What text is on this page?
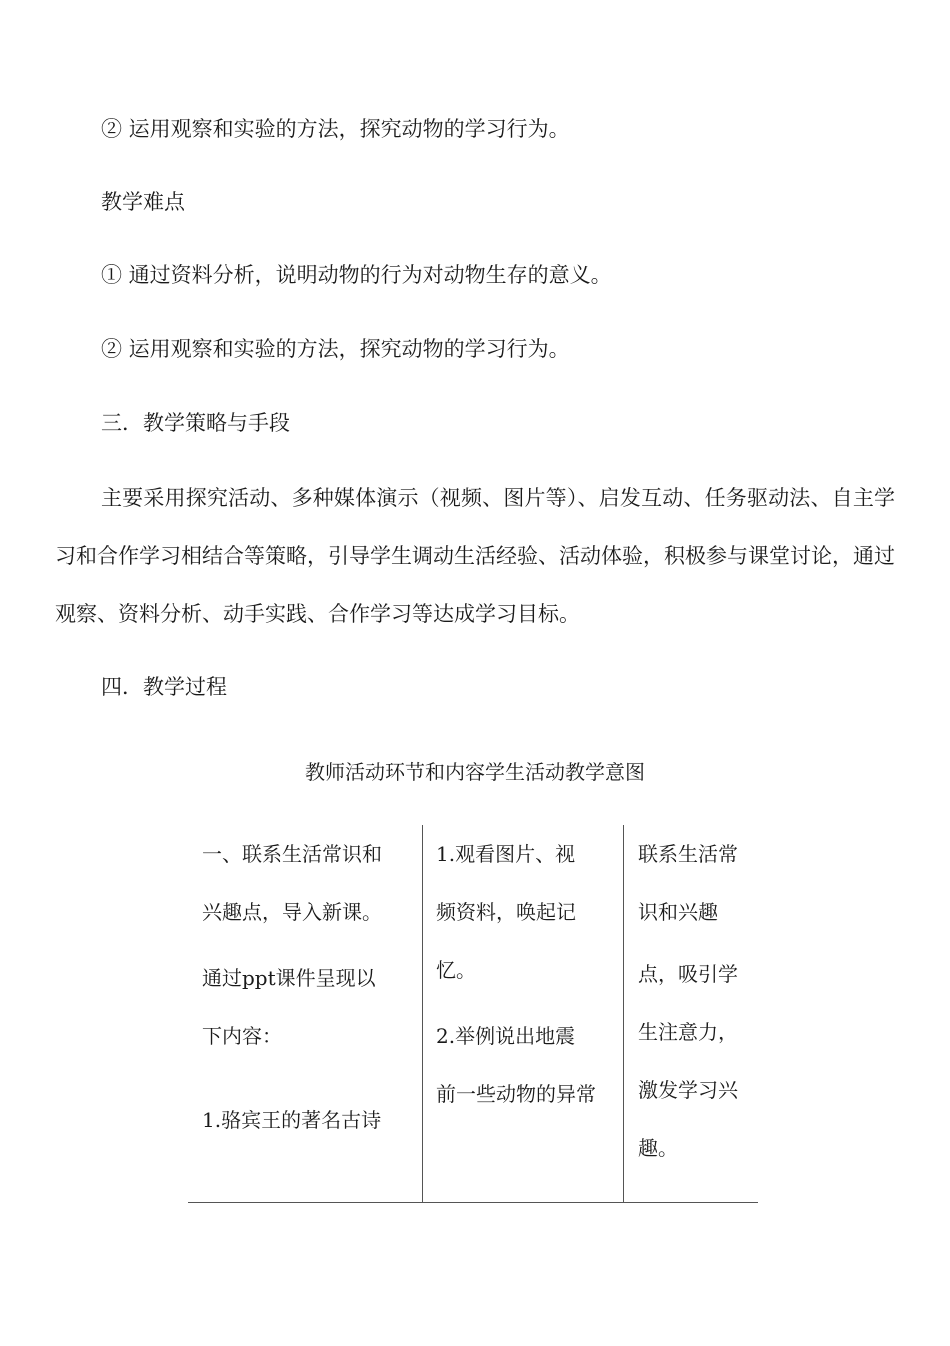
② 运用观察和实验的方法，探究动物的学习行为。
教学难点
① 通过资料分析，说明动物的行为对动物生存的意义。
② 运用观察和实验的方法，探究动物的学习行为。
三．教学策略与手段
主要采用探究活动、多种媒体演示（视频、图片等）、启发互动、任务驱动法、自主学习和合作学习相结合等策略，引导学生调动生活经验、活动体验，积极参与课堂讨论，通过观察、资料分析、动手实践、合作学习等达成学习目标。
四．教学过程
教师活动环节和内容学生活动教学意图
一、联系生活常识和
兴趣点，导入新课。
通过ppt课件呈现以
下内容：
1.骆宾王的著名古诗
1.观看图片、视
频资料，唤起记
忆。
2.举例说出地震
前一些动物的异常
联系生活常
识和兴趣
点，吸引学
生注意力，
激发学习兴
趣。
